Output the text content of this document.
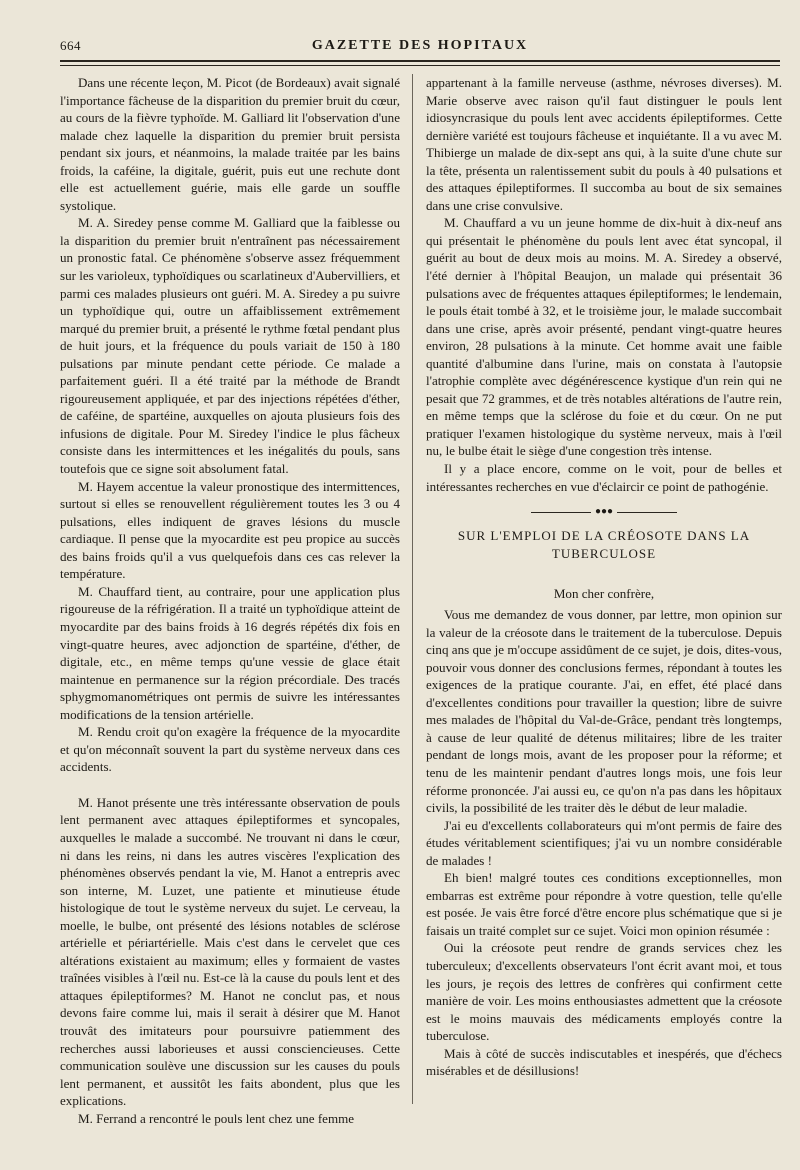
664	GAZETTE DES HOPITAUX

Dans une récente leçon, M. Picot (de Bordeaux) avait signalé l'importance fâcheuse de la disparition du premier bruit du cœur, au cours de la fièvre typhoïde. M. Galliard lit l'observation d'une malade chez laquelle la disparition du premier bruit persista pendant six jours, et néanmoins, la malade traitée par les bains froids, la caféine, la digitale, guérit, puis eut une rechute dont elle est actuellement guérie, mais elle garde un souffle systolique.

M. A. Siredey pense comme M. Galliard que la faiblesse ou la disparition du premier bruit n'entraînent pas nécessairement un pronostic fatal. Ce phénomène s'observe assez fréquemment sur les varioleux, typhoïdiques ou scarlatineux d'Aubervilliers, et parmi ces malades plusieurs ont guéri. M. A. Siredey a pu suivre un typhoïdique qui, outre un affaiblissement extrêmement marqué du premier bruit, a présenté le rythme fœtal pendant plus de huit jours, et la fréquence du pouls variait de 150 à 180 pulsations par minute pendant cette période. Ce malade a parfaitement guéri. Il a été traité par la méthode de Brandt rigoureusement appliquée, et par des injections répétées d'éther, de caféine, de spartéine, auxquelles on ajouta plusieurs fois des infusions de digitale. Pour M. Siredey l'indice le plus fâcheux consiste dans les intermittences et les inégalités du pouls, sans toutefois que ce signe soit absolument fatal.

M. Hayem accentue la valeur pronostique des intermittences, surtout si elles se renouvellent régulièrement toutes les 3 ou 4 pulsations, elles indiquent de graves lésions du muscle cardiaque. Il pense que la myocardite est peu propice au succès des bains froids qu'il a vus quelquefois dans ces cas relever la température.

M. Chauffard tient, au contraire, pour une application plus rigoureuse de la réfrigération. Il a traité un typhoïdique atteint de myocardite par des bains froids à 16 degrés répétés dix fois en vingt-quatre heures, avec adjonction de spartéine, d'éther, de digitale, etc., en même temps qu'une vessie de glace était maintenue en permanence sur la région précordiale. Des tracés sphygmomanométriques ont permis de suivre les intéressantes modifications de la tension artérielle.

M. Rendu croit qu'on exagère la fréquence de la myocardite et qu'on méconnaît souvent la part du système nerveux dans ces accidents.

M. Hanot présente une très intéressante observation de pouls lent permanent avec attaques épileptiformes et syncopales, auxquelles le malade a succombé. Ne trouvant ni dans le cœur, ni dans les reins, ni dans les autres viscères l'explication des phénomènes observés pendant la vie, M. Hanot a entrepris avec son interne, M. Luzet, une patiente et minutieuse étude histologique de tout le système nerveux du sujet. Le cerveau, la moelle, le bulbe, ont présenté des lésions notables de sclérose artérielle et périartérielle. Mais c'est dans le cervelet que ces altérations existaient au maximum; elles y formaient de vastes traînées visibles à l'œil nu. Est-ce là la cause du pouls lent et des attaques épileptiformes? M. Hanot ne conclut pas, et nous devons faire comme lui, mais il serait à désirer que M. Hanot trouvât des imitateurs pour poursuivre patiemment des recherches aussi laborieuses et aussi consciencieuses. Cette communication soulève une discussion sur les causes du pouls lent permanent, et aussitôt les faits abondent, plus que les explications.

M. Ferrand a rencontré le pouls lent chez une femme

appartenant à la famille nerveuse (asthme, névroses diverses). M. Marie observe avec raison qu'il faut distinguer le pouls lent idiosyncrasique du pouls lent avec accidents épileptiformes. Cette dernière variété est toujours fâcheuse et inquiétante. Il a vu avec M. Thibierge un malade de dix-sept ans qui, à la suite d'une chute sur la tête, présenta un ralentissement subit du pouls à 40 pulsations et des attaques épileptiformes. Il succomba au bout de six semaines dans une crise convulsive.

M. Chauffard a vu un jeune homme de dix-huit à dix-neuf ans qui présentait le phénomène du pouls lent avec état syncopal, il guérit au bout de deux mois au moins. M. A. Siredey a observé, l'été dernier à l'hôpital Beaujon, un malade qui présentait 36 pulsations avec de fréquentes attaques épileptiformes; le lendemain, le pouls était tombé à 32, et le troisième jour, le malade succombait dans une crise, après avoir présenté, pendant vingt-quatre heures environ, 28 pulsations à la minute. Cet homme avait une faible quantité d'albumine dans l'urine, mais on constata à l'autopsie l'atrophie complète avec dégénérescence kystique d'un rein qui ne pesait que 72 grammes, et de très notables altérations de l'autre rein, en même temps que la sclérose du foie et du cœur. On ne put pratiquer l'examen histologique du système nerveux, mais à l'œil nu, le bulbe était le siège d'une congestion très intense.

Il y a place encore, comme on le voit, pour de belles et intéressantes recherches en vue d'éclaircir ce point de pathogénie.

●●●
SUR L'EMPLOI DE LA CRÉOSOTE DANS LA TUBERCULOSE
Mon cher confrère,

Vous me demandez de vous donner, par lettre, mon opinion sur la valeur de la créosote dans le traitement de la tuberculose. Depuis cinq ans que je m'occupe assidûment de ce sujet, je dois, dites-vous, pouvoir vous donner des conclusions fermes, répondant à toutes les exigences de la pratique courante. J'ai, en effet, été placé dans d'excellentes conditions pour travailler la question; libre de suivre mes malades de l'hôpital du Val-de-Grâce, pendant très longtemps, à cause de leur qualité de détenus militaires; libre de les traiter pendant de longs mois, avant de les proposer pour la réforme; et tenu de les maintenir pendant d'autres longs mois, une fois leur réforme prononcée. J'ai aussi eu, ce qu'on n'a pas dans les hôpitaux civils, la possibilité de les traiter dès le début de leur maladie.

J'ai eu d'excellents collaborateurs qui m'ont permis de faire des études véritablement scientifiques; j'ai vu un nombre considérable de malades !

Eh bien! malgré toutes ces conditions exceptionnelles, mon embarras est extrême pour répondre à votre question, telle qu'elle est posée. Je vais être forcé d'être encore plus schématique que si je faisais un traité complet sur ce sujet. Voici mon opinion résumée :

Oui la créosote peut rendre de grands services chez les tuberculeux; d'excellents observateurs l'ont écrit avant moi, et tous les jours, je reçois des lettres de confrères qui confirment cette manière de voir. Les moins enthousiastes admettent que la créosote est le moins mauvais des médicaments employés contre la tuberculose.

Mais à côté de succès indiscutables et inespérés, que d'échecs misérables et de désillusions!
